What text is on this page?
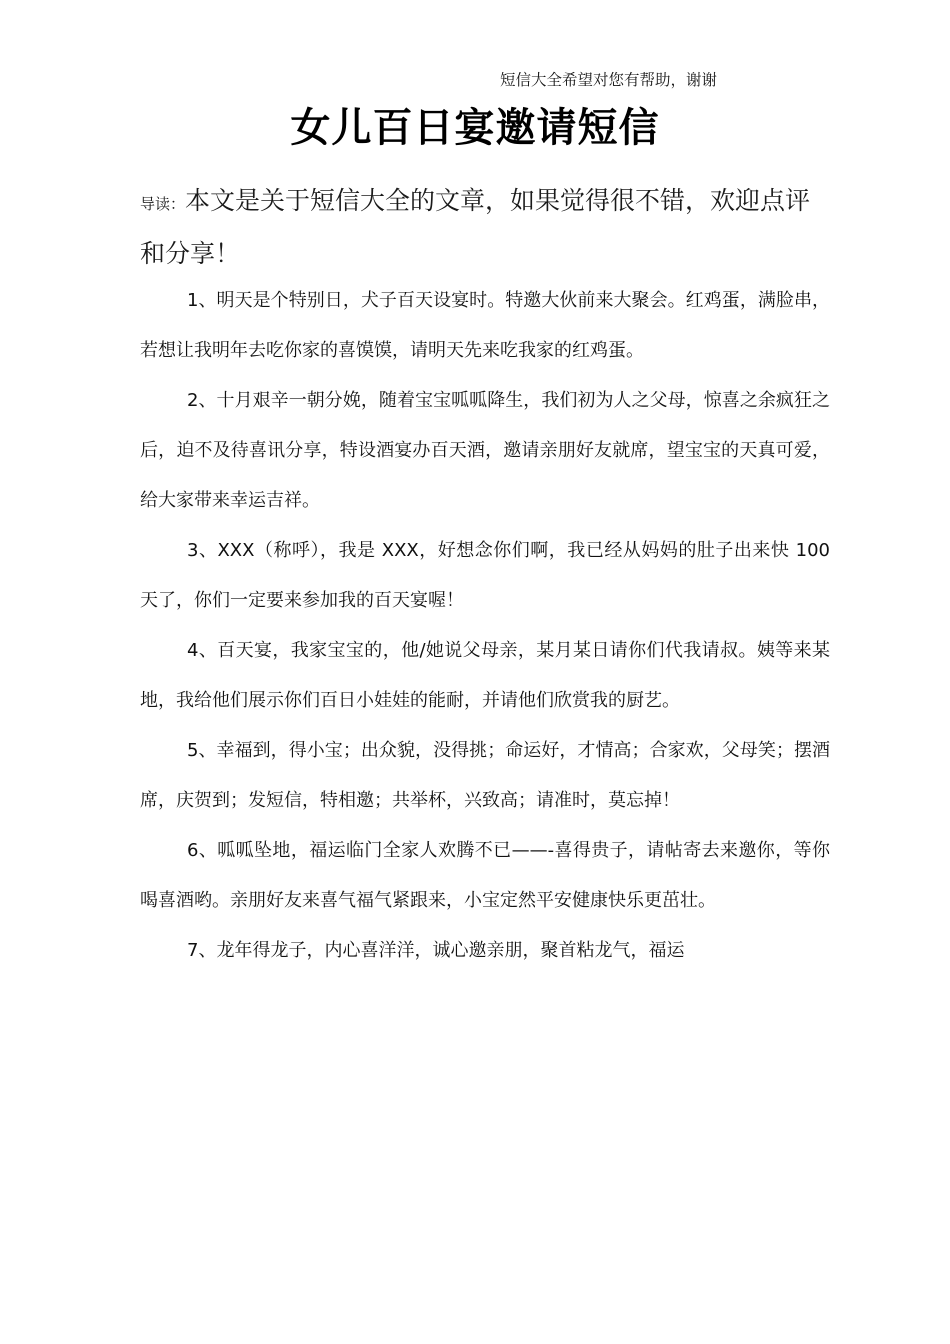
短信大全希望对您有帮助，谢谢
女儿百日宴邀请短信
导读：本文是关于短信大全的文章，如果觉得很不错，欢迎点评和分享！

1、明天是个特别日，犬子百天设宴时。特邀大伙前来大聚会。红鸡蛋，满脸串，若想让我明年去吃你家的喜馍馍，请明天先来吃我家的红鸡蛋。

2、十月艰辛一朝分娩，随着宝宝呱呱降生，我们初为人之父母，惊喜之余疯狂之后，迫不及待喜讯分享，特设酒宴办百天酒，邀请亲朋好友就席，望宝宝的天真可爱，给大家带来幸运吉祥。

3、XXX（称呼），我是 XXX，好想念你们啊，我已经从妈妈的肚子出来快 100 天了，你们一定要来参加我的百天宴喔！

4、百天宴，我家宝宝的，他/她说父母亲，某月某日请你们代我请叔。姨等来某地，我给他们展示你们百日小娃娃的能耐，并请他们欣赏我的厨艺。

5、幸福到，得小宝；出众貌，没得挑；命运好，才情高；合家欢，父母笑；摆酒席，庆贺到；发短信，特相邀；共举杯，兴致高；请准时，莫忘掉！

6、呱呱坠地，福运临门全家人欢腾不已——-喜得贵子，请帖寄去来邀你，等你喝喜酒哟。亲朋好友来喜气福气紧跟来，小宝定然平安健康快乐更茁壮。

7、龙年得龙子，内心喜洋洋，诚心邀亲朋，聚首粘龙气，福运
